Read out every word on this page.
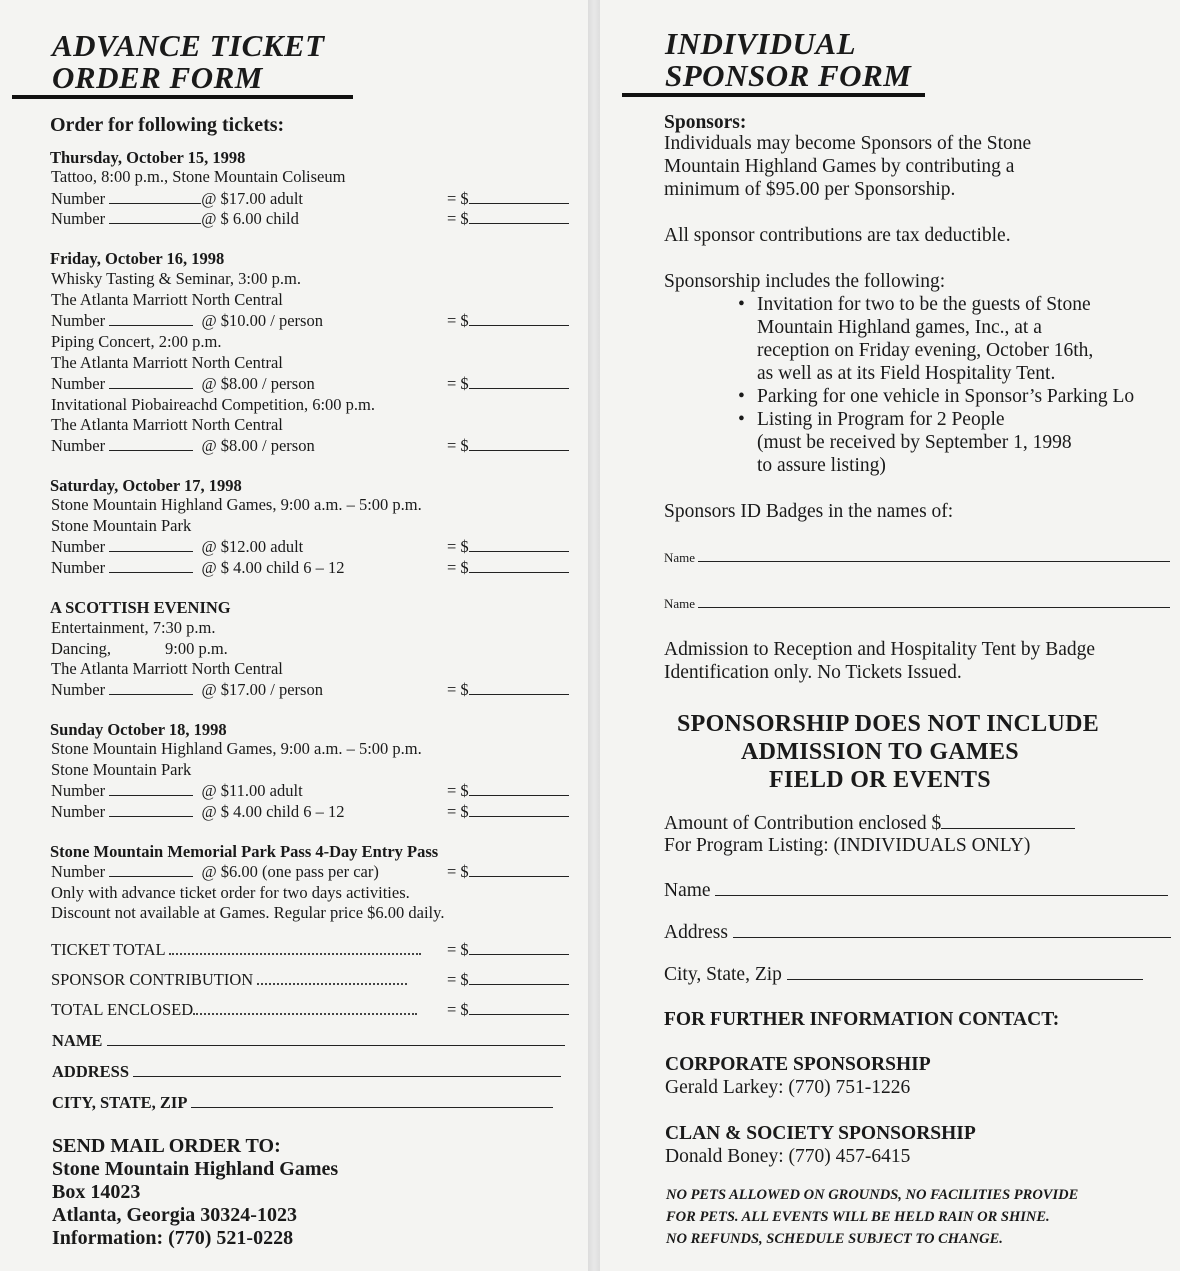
ADVANCE TICKET
ORDER FORM
Order for following tickets:
Thursday, October 15, 1998
Tattoo, 8:00 p.m., Stone Mountain Coliseum
Number	@ $17.00 adult	= $
Number	@ $ 6.00 child	= $
Friday, October 16, 1998
Whisky Tasting & Seminar, 3:00 p.m.
The Atlanta Marriott North Central
Number	@ $10.00 / person	= $
Piping Concert, 2:00 p.m.
The Atlanta Marriott North Central
Number	@ $8.00 / person	= $
Invitational Piobaireachd Competition, 6:00 p.m.
The Atlanta Marriott North Central
Number	@ $8.00 / person	= $
Saturday, October 17, 1998
Stone Mountain Highland Games, 9:00 a.m. – 5:00 p.m.
Stone Mountain Park
Number	@ $12.00 adult	= $
Number	@ $ 4.00 child 6 – 12	= $
A SCOTTISH EVENING
Entertainment, 7:30 p.m.
Dancing,	9:00 p.m.
The Atlanta Marriott North Central
Number	@ $17.00 / person	= $
Sunday October 18, 1998
Stone Mountain Highland Games, 9:00 a.m. – 5:00 p.m.
Stone Mountain Park
Number	@ $11.00 adult	= $
Number	@ $ 4.00 child 6 – 12	= $
Stone Mountain Memorial Park Pass 4-Day Entry Pass
Number	@ $6.00 (one pass per car)	= $
Only with advance ticket order for two days activities.
Discount not available at Games. Regular price $6.00 daily.
TICKET TOTAL	= $
SPONSOR CONTRIBUTION	= $
TOTAL ENCLOSED	= $
NAME
ADDRESS
CITY, STATE, ZIP
SEND MAIL ORDER TO:
Stone Mountain Highland Games
Box 14023
Atlanta, Georgia 30324-1023
Information: (770) 521-0228
INDIVIDUAL
SPONSOR FORM
Sponsors:
Individuals may become Sponsors of the Stone
Mountain Highland Games by contributing a
minimum of $95.00 per Sponsorship.
All sponsor contributions are tax deductible.
Sponsorship includes the following:
• Invitation for two to be the guests of Stone
Mountain Highland games, Inc., at a
reception on Friday evening, October 16th,
as well as at its Field Hospitality Tent.
• Parking for one vehicle in Sponsor’s Parking Lo
• Listing in Program for 2 People
(must be received by September 1, 1998
to assure listing)
Sponsors ID Badges in the names of:
Name
Name
Admission to Reception and Hospitality Tent by Badge
Identification only. No Tickets Issued.
SPONSORSHIP DOES NOT INCLUDE
ADMISSION TO GAMES
FIELD OR EVENTS
Amount of Contribution enclosed $
For Program Listing: (INDIVIDUALS ONLY)
Name
Address
City, State, Zip
FOR FURTHER INFORMATION CONTACT:
CORPORATE SPONSORSHIP
Gerald Larkey: (770) 751-1226
CLAN & SOCIETY SPONSORSHIP
Donald Boney: (770) 457-6415
NO PETS ALLOWED ON GROUNDS, NO FACILITIES PROVIDE
FOR PETS. ALL EVENTS WILL BE HELD RAIN OR SHINE.
NO REFUNDS, SCHEDULE SUBJECT TO CHANGE.
